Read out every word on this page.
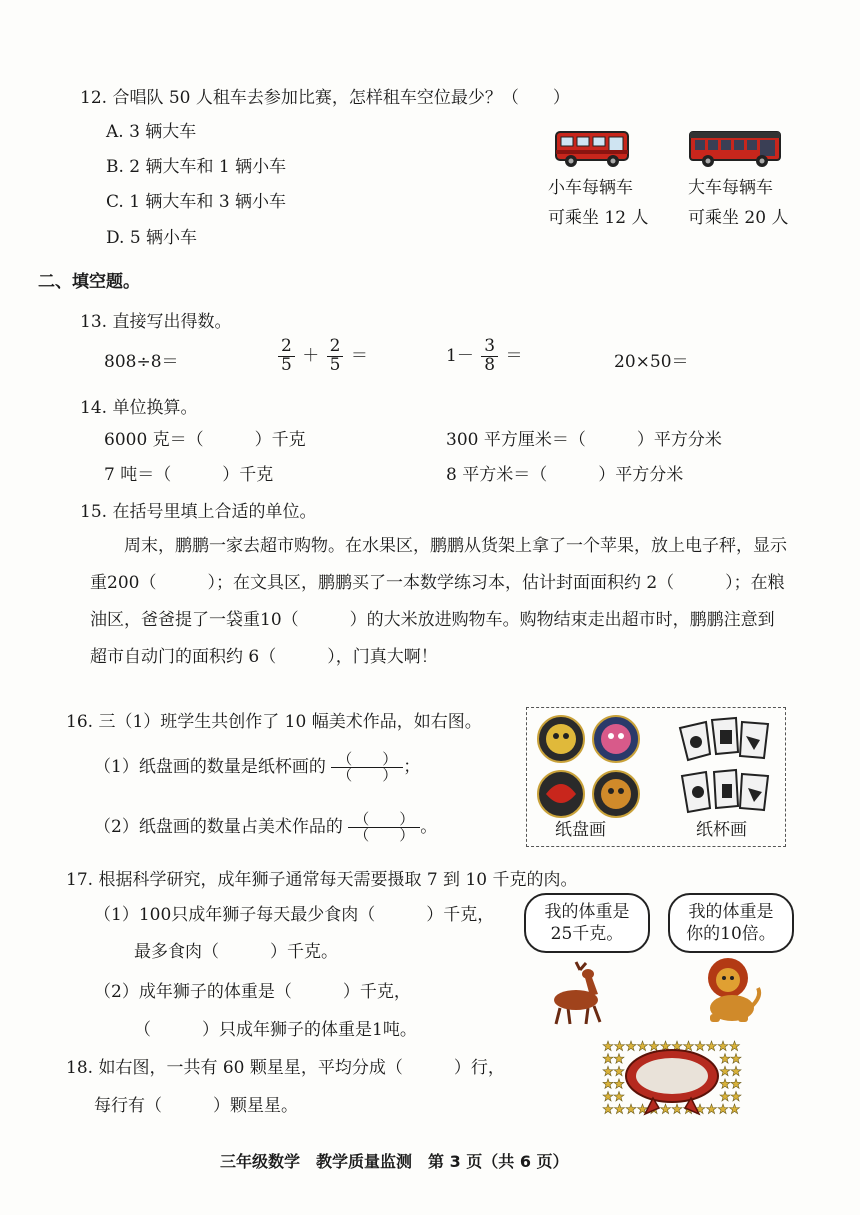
12. 合唱队 50 人租车去参加比赛，怎样租车空位最少？（　　）
A. 3 辆大车
B. 2 辆大车和 1 辆小车
C. 1 辆大车和 3 辆小车
D. 5 辆小车
小车每辆车
可乘坐 12 人
大车每辆车
可乘坐 20 人
二、填空题。
13. 直接写出得数。
808÷8＝	$\frac{2}{5} + \frac{2}{5}$ ＝	$1- \frac{3}{8}$ ＝	20×50＝
14. 单位换算。
6000 克＝（　　　）千克	300 平方厘米＝（　　　）平方分米
7 吨＝（　　　）千克	8 平方米＝（　　　）平方分米
15. 在括号里填上合适的单位。
周末，鹏鹏一家去超市购物。在水果区，鹏鹏从货架上拿了一个苹果，放上电子秤，显示重200（　　　）；在文具区，鹏鹏买了一本数学练习本，估计封面面积约 2（　　　）；在粮油区，爸爸提了一袋重10（　　　）的大米放进购物车。购物结束走出超市时，鹏鹏注意到超市自动门的面积约 6（　　　），门真大啊！
16. 三（1）班学生共创作了 10 幅美术作品，如右图。
（1）纸盘画的数量是纸杯画的 （　　）
（　　） ；
（2）纸盘画的数量占美术作品的 （　　）
（　　） 。	纸盘画	纸杯画
17. 根据科学研究，成年狮子通常每天需要摄取 7 到 10 千克的肉。
（1）100只成年狮子每天最少食肉（　　　）千克，
最多食肉（　　　）千克。
（2）成年狮子的体重是（　　　）千克，
（　　　）只成年狮子的体重是1吨。
我的体重是
25千克。
我的体重是
你的10倍。
18. 如右图，一共有 60 颗星星，平均分成（　　　）行，
每行有（　　　）颗星星。
三年级数学　教学质量监测　第 3 页（共 6 页）
